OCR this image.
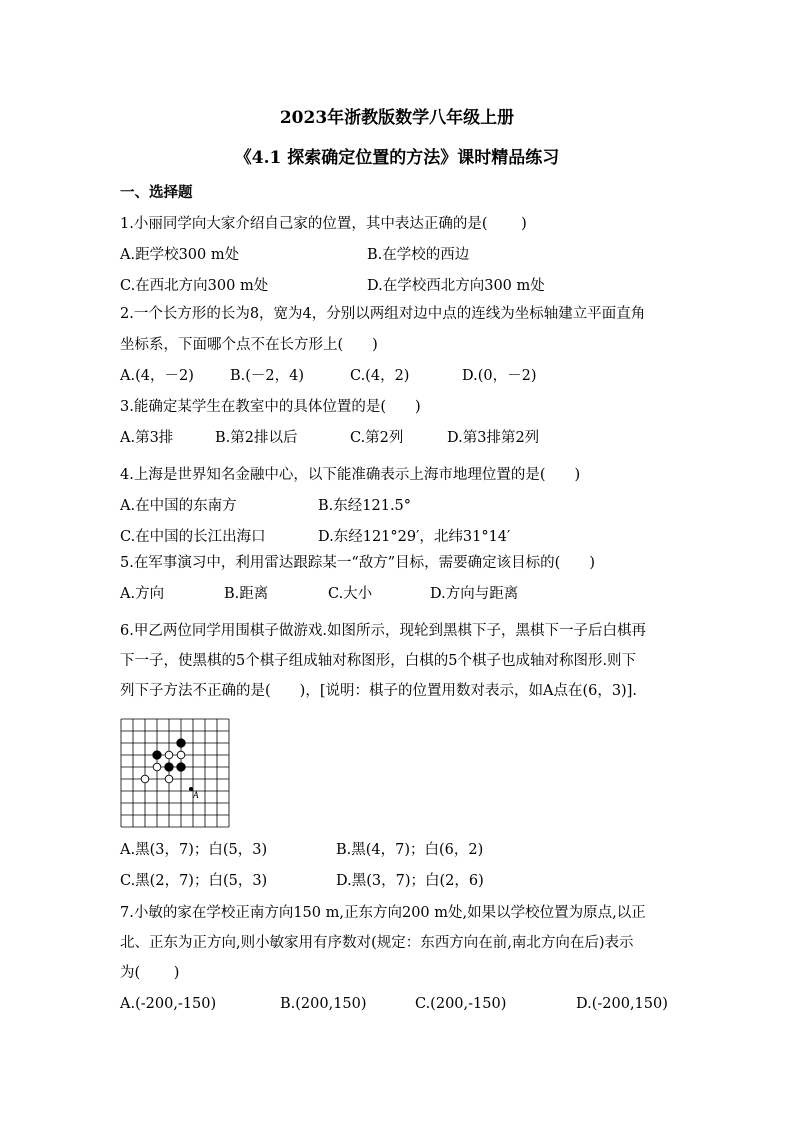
2023年浙教版数学八年级上册
《4.1 探索确定位置的方法》课时精品练习
一、选择题
1.小丽同学向大家介绍自己家的位置，其中表达正确的是(　　 )
A.距学校300 m处	B.在学校的西边
C.在西北方向300 m处	D.在学校西北方向300 m处
2.一个长方形的长为8，宽为4，分别以两组对边中点的连线为坐标轴建立平面直角
坐标系，下面哪个点不在长方形上(　　)
A.(4，－2) B.(－2，4)	C.(4，2)	D.(0，－2)
3.能确定某学生在教室中的具体位置的是(　　)
A.第3排	B.第2排以后	C.第2列	D.第3排第2列
4.上海是世界知名金融中心，以下能准确表示上海市地理位置的是(　　)
A.在中国的东南方	B.东经121.5°
C.在中国的长江出海口	D.东经121°29′，北纬31°14′
5.在军事演习中，利用雷达跟踪某一“敌方”目标，需要确定该目标的(　　)
A.方向	B.距离	C.大小	D.方向与距离
6.甲乙两位同学用围棋子做游戏.如图所示，现轮到黑棋下子，黑棋下一子后白棋再
下一子，使黑棋的5个棋子组成轴对称图形，白棋的5个棋子也成轴对称图形.则下
列下子方法不正确的是(　　)，[说明：棋子的位置用数对表示，如A点在(6，3)].
A
A.黑(3，7)；白(5，3)	B.黑(4，7)；白(6，2)
C.黑(2，7)；白(5，3)	D.黑(3，7)；白(2，6)
7.小敏的家在学校正南方向150 m,正东方向200 m处,如果以学校位置为原点,以正
北、正东为正方向,则小敏家用有序数对(规定：东西方向在前,南北方向在后)表示
为(　　 )
A.(-200,-150)	B.(200,150)	C.(200,-150)	D.(-200,150)
